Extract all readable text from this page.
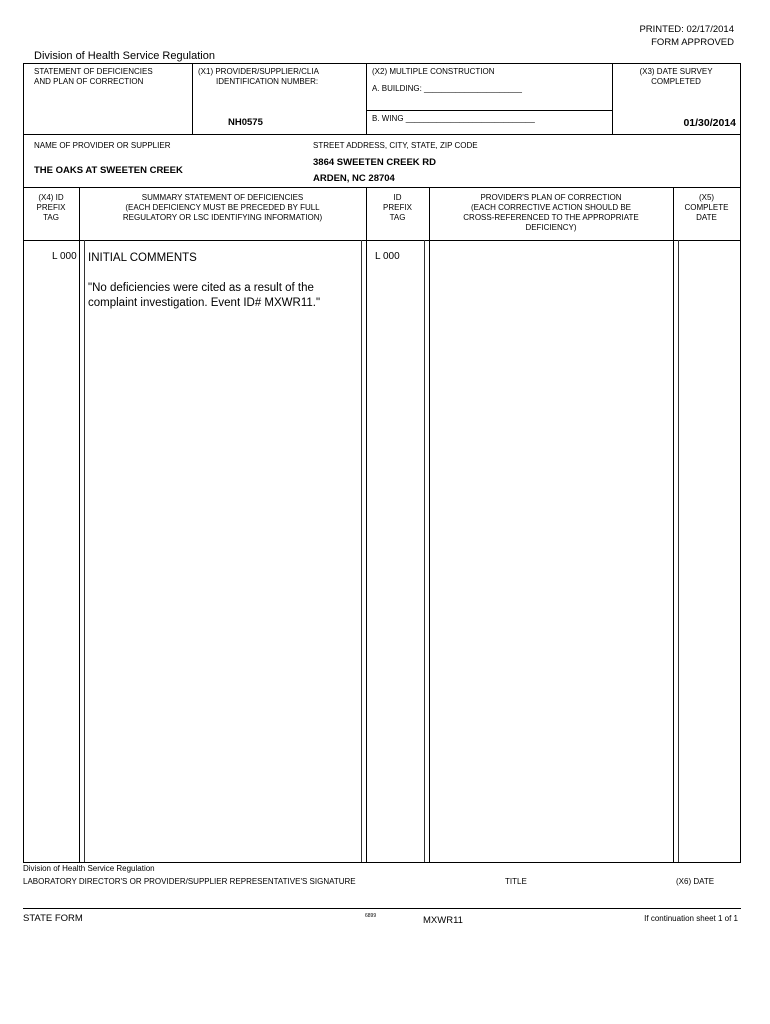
PRINTED: 02/17/2014
FORM APPROVED
Division of Health Service Regulation
STATEMENT OF DEFICIENCIES
AND PLAN OF CORRECTION
(X1) PROVIDER/SUPPLIER/CLIA
IDENTIFICATION NUMBER:
NH0575
(X2) MULTIPLE CONSTRUCTION
A. BUILDING: ______________________
B. WING _____________________________
(X3) DATE SURVEY
COMPLETED
01/30/2014
NAME OF PROVIDER OR SUPPLIER
THE OAKS AT SWEETEN CREEK
STREET ADDRESS, CITY, STATE, ZIP CODE
3864 SWEETEN CREEK RD
ARDEN, NC 28704
(X4) ID
PREFIX
TAG
SUMMARY STATEMENT OF DEFICIENCIES
(EACH DEFICIENCY MUST BE PRECEDED BY FULL
REGULATORY OR LSC IDENTIFYING INFORMATION)
ID
PREFIX
TAG
PROVIDER'S PLAN OF CORRECTION
(EACH CORRECTIVE ACTION SHOULD BE
CROSS-REFERENCED TO THE APPROPRIATE
DEFICIENCY)
(X5)
COMPLETE
DATE
L 000 INITIAL COMMENTS
"No deficiencies were cited as a result of the
complaint investigation. Event ID# MXWR11."
L 000
Division of Health Service Regulation
LABORATORY DIRECTOR'S OR PROVIDER/SUPPLIER REPRESENTATIVE'S SIGNATURE	TITLE	(X6) DATE
STATE FORM	6899	MXWR11	If continuation sheet 1 of 1
